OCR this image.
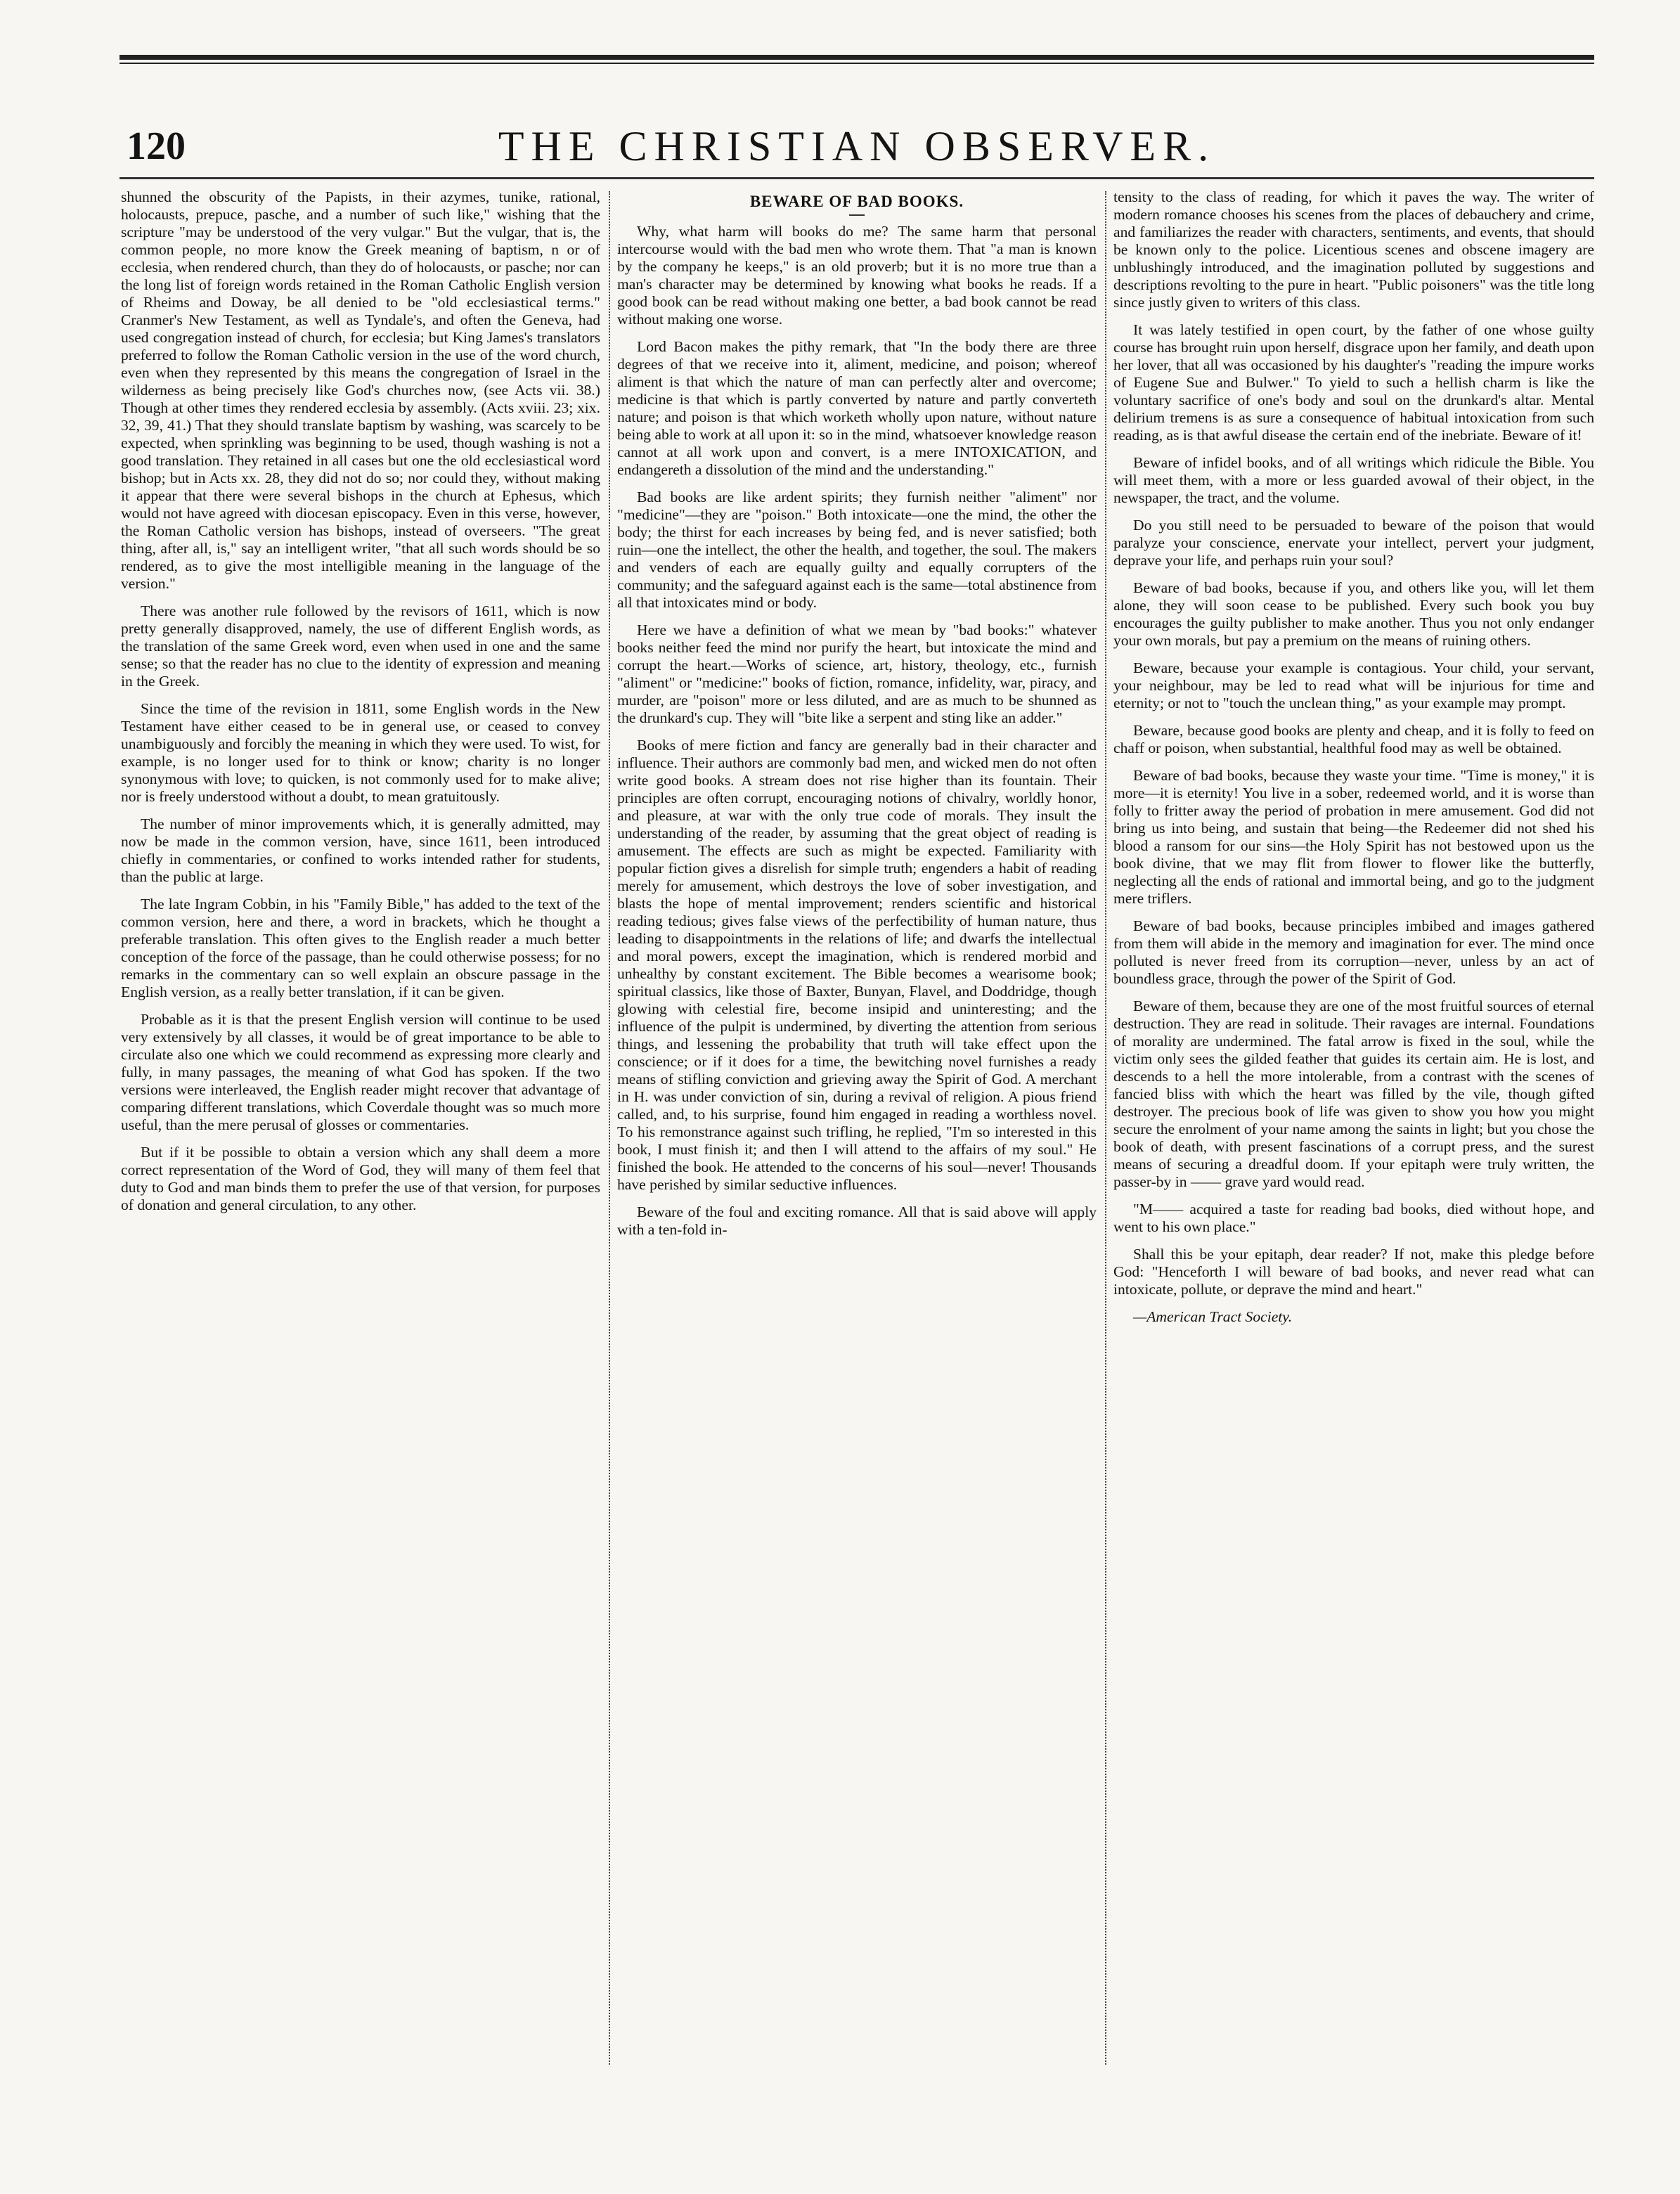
120	THE CHRISTIAN OBSERVER.

shunned the obscurity of the Papists, in their azymes, tunike, rational, holocausts, prepuce, pasche, and a number of such like," wishing that the scripture "may be understood of the very vulgar." But the vulgar, that is, the common people, no more know the Greek meaning of baptism, n or of ecclesia, when rendered church, than they do of holocausts, or pasche; nor can the long list of foreign words retained in the Roman Catholic English version of Rheims and Doway, be all denied to be "old ecclesiastical terms." Cranmer's New Testament, as well as Tyndale's, and often the Geneva, had used congregation instead of church, for ecclesia; but King James's translators preferred to follow the Roman Catholic version in the use of the word church, even when they represented by this means the congregation of Israel in the wilderness as being precisely like God's churches now, (see Acts vii. 38.) Though at other times they rendered ecclesia by assembly. (Acts xviii. 23; xix. 32, 39, 41.) That they should translate baptism by washing, was scarcely to be expected, when sprinkling was beginning to be used, though washing is not a good translation. They retained in all cases but one the old ecclesiastical word bishop; but in Acts xx. 28, they did not do so; nor could they, without making it appear that there were several bishops in the church at Ephesus, which would not have agreed with diocesan episcopacy. Even in this verse, however, the Roman Catholic version has bishops, instead of overseers. "The great thing, after all, is," say an intelligent writer, "that all such words should be so rendered, as to give the most intelligible meaning in the language of the version."

There was another rule followed by the revisors of 1611, which is now pretty generally disapproved, namely, the use of different English words, as the translation of the same Greek word, even when used in one and the same sense; so that the reader has no clue to the identity of expression and meaning in the Greek.

Since the time of the revision in 1811, some English words in the New Testament have either ceased to be in general use, or ceased to convey unambiguously and forcibly the meaning in which they were used. To wist, for example, is no longer used for to think or know; charity is no longer synonymous with love; to quicken, is not commonly used for to make alive; nor is freely understood without a doubt, to mean gratuitously.

The number of minor improvements which, it is generally admitted, may now be made in the common version, have, since 1611, been introduced chiefly in commentaries, or confined to works intended rather for students, than the public at large.

The late Ingram Cobbin, in his "Family Bible," has added to the text of the common version, here and there, a word in brackets, which he thought a preferable translation. This often gives to the English reader a much better conception of the force of the passage, than he could otherwise possess; for no remarks in the commentary can so well explain an obscure passage in the English version, as a really better translation, if it can be given.

Probable as it is that the present English version will continue to be used very extensively by all classes, it would be of great importance to be able to circulate also one which we could recommend as expressing more clearly and fully, in many passages, the meaning of what God has spoken. If the two versions were interleaved, the English reader might recover that advantage of comparing different translations, which Coverdale thought was so much more useful, than the mere perusal of glosses or commentaries.

But if it be possible to obtain a version which any shall deem a more correct representation of the Word of God, they will many of them feel that duty to God and man binds them to prefer the use of that version, for purposes of donation and general circulation, to any other.

BEWARE OF BAD BOOKS.

Why, what harm will books do me? The same harm that personal intercourse would with the bad men who wrote them. That "a man is known by the company he keeps," is an old proverb; but it is no more true than a man's character may be determined by knowing what books he reads. If a good book can be read without making one better, a bad book cannot be read without making one worse.

Lord Bacon makes the pithy remark, that "In the body there are three degrees of that we receive into it, aliment, medicine, and poison; whereof aliment is that which the nature of man can perfectly alter and overcome; medicine is that which is partly converted by nature and partly converteth nature; and poison is that which worketh wholly upon nature, without nature being able to work at all upon it: so in the mind, whatsoever knowledge reason cannot at all work upon and convert, is a mere INTOXICATION, and endangereth a dissolution of the mind and the understanding."

Bad books are like ardent spirits; they furnish neither "aliment" nor "medicine"—they are "poison." Both intoxicate—one the mind, the other the body; the thirst for each increases by being fed, and is never satisfied; both ruin—one the intellect, the other the health, and together, the soul. The makers and venders of each are equally guilty and equally corrupters of the community; and the safeguard against each is the same—total abstinence from all that intoxicates mind or body.

Here we have a definition of what we mean by "bad books:" whatever books neither feed the mind nor purify the heart, but intoxicate the mind and corrupt the heart.—Works of science, art, history, theology, etc., furnish "aliment" or "medicine:" books of fiction, romance, infidelity, war, piracy, and murder, are "poison" more or less diluted, and are as much to be shunned as the drunkard's cup. They will "bite like a serpent and sting like an adder."

Books of mere fiction and fancy are generally bad in their character and influence. Their authors are commonly bad men, and wicked men do not often write good books. A stream does not rise higher than its fountain. Their principles are often corrupt, encouraging notions of chivalry, worldly honor, and pleasure, at war with the only true code of morals. They insult the understanding of the reader, by assuming that the great object of reading is amusement. The effects are such as might be expected. Familiarity with popular fiction gives a disrelish for simple truth; engenders a habit of reading merely for amusement, which destroys the love of sober investigation, and blasts the hope of mental improvement; renders scientific and historical reading tedious; gives false views of the perfectibility of human nature, thus leading to disappointments in the relations of life; and dwarfs the intellectual and moral powers, except the imagination, which is rendered morbid and unhealthy by constant excitement. The Bible becomes a wearisome book; spiritual classics, like those of Baxter, Bunyan, Flavel, and Doddridge, though glowing with celestial fire, become insipid and uninteresting; and the influence of the pulpit is undermined, by diverting the attention from serious things, and lessening the probability that truth will take effect upon the conscience; or if it does for a time, the bewitching novel furnishes a ready means of stifling conviction and grieving away the Spirit of God. A merchant in H. was under conviction of sin, during a revival of religion. A pious friend called, and, to his surprise, found him engaged in reading a worthless novel. To his remonstrance against such trifling, he replied, "I'm so interested in this book, I must finish it; and then I will attend to the affairs of my soul." He finished the book. He attended to the concerns of his soul—never! Thousands have perished by similar seductive influences.

Beware of the foul and exciting romance. All that is said above will apply with a ten-fold in-

tensity to the class of reading, for which it paves the way. The writer of modern romance chooses his scenes from the places of debauchery and crime, and familiarizes the reader with characters, sentiments, and events, that should be known only to the police. Licentious scenes and obscene imagery are unblushingly introduced, and the imagination polluted by suggestions and descriptions revolting to the pure in heart. "Public poisoners" was the title long since justly given to writers of this class.

It was lately testified in open court, by the father of one whose guilty course has brought ruin upon herself, disgrace upon her family, and death upon her lover, that all was occasioned by his daughter's "reading the impure works of Eugene Sue and Bulwer." To yield to such a hellish charm is like the voluntary sacrifice of one's body and soul on the drunkard's altar. Mental delirium tremens is as sure a consequence of habitual intoxication from such reading, as is that awful disease the certain end of the inebriate. Beware of it!

Beware of infidel books, and of all writings which ridicule the Bible. You will meet them, with a more or less guarded avowal of their object, in the newspaper, the tract, and the volume.

Do you still need to be persuaded to beware of the poison that would paralyze your conscience, enervate your intellect, pervert your judgment, deprave your life, and perhaps ruin your soul?

Beware of bad books, because if you, and others like you, will let them alone, they will soon cease to be published. Every such book you buy encourages the guilty publisher to make another. Thus you not only endanger your own morals, but pay a premium on the means of ruining others.

Beware, because your example is contagious. Your child, your servant, your neighbour, may be led to read what will be injurious for time and eternity; or not to "touch the unclean thing," as your example may prompt.

Beware, because good books are plenty and cheap, and it is folly to feed on chaff or poison, when substantial, healthful food may as well be obtained.

Beware of bad books, because they waste your time. "Time is money," it is more—it is eternity! You live in a sober, redeemed world, and it is worse than folly to fritter away the period of probation in mere amusement. God did not bring us into being, and sustain that being—the Redeemer did not shed his blood a ransom for our sins—the Holy Spirit has not bestowed upon us the book divine, that we may flit from flower to flower like the butterfly, neglecting all the ends of rational and immortal being, and go to the judgment mere triflers.

Beware of bad books, because principles imbibed and images gathered from them will abide in the memory and imagination for ever. The mind once polluted is never freed from its corruption—never, unless by an act of boundless grace, through the power of the Spirit of God.

Beware of them, because they are one of the most fruitful sources of eternal destruction. They are read in solitude. Their ravages are internal. Foundations of morality are undermined. The fatal arrow is fixed in the soul, while the victim only sees the gilded feather that guides its certain aim. He is lost, and descends to a hell the more intolerable, from a contrast with the scenes of fancied bliss with which the heart was filled by the vile, though gifted destroyer. The precious book of life was given to show you how you might secure the enrolment of your name among the saints in light; but you chose the book of death, with present fascinations of a corrupt press, and the surest means of securing a dreadful doom. If your epitaph were truly written, the passer-by in —— grave yard would read.

"M—— acquired a taste for reading bad books, died without hope, and went to his own place."

Shall this be your epitaph, dear reader? If not, make this pledge before God: "Henceforth I will beware of bad books, and never read what can intoxicate, pollute, or deprave the mind and heart."

—American Tract Society.
